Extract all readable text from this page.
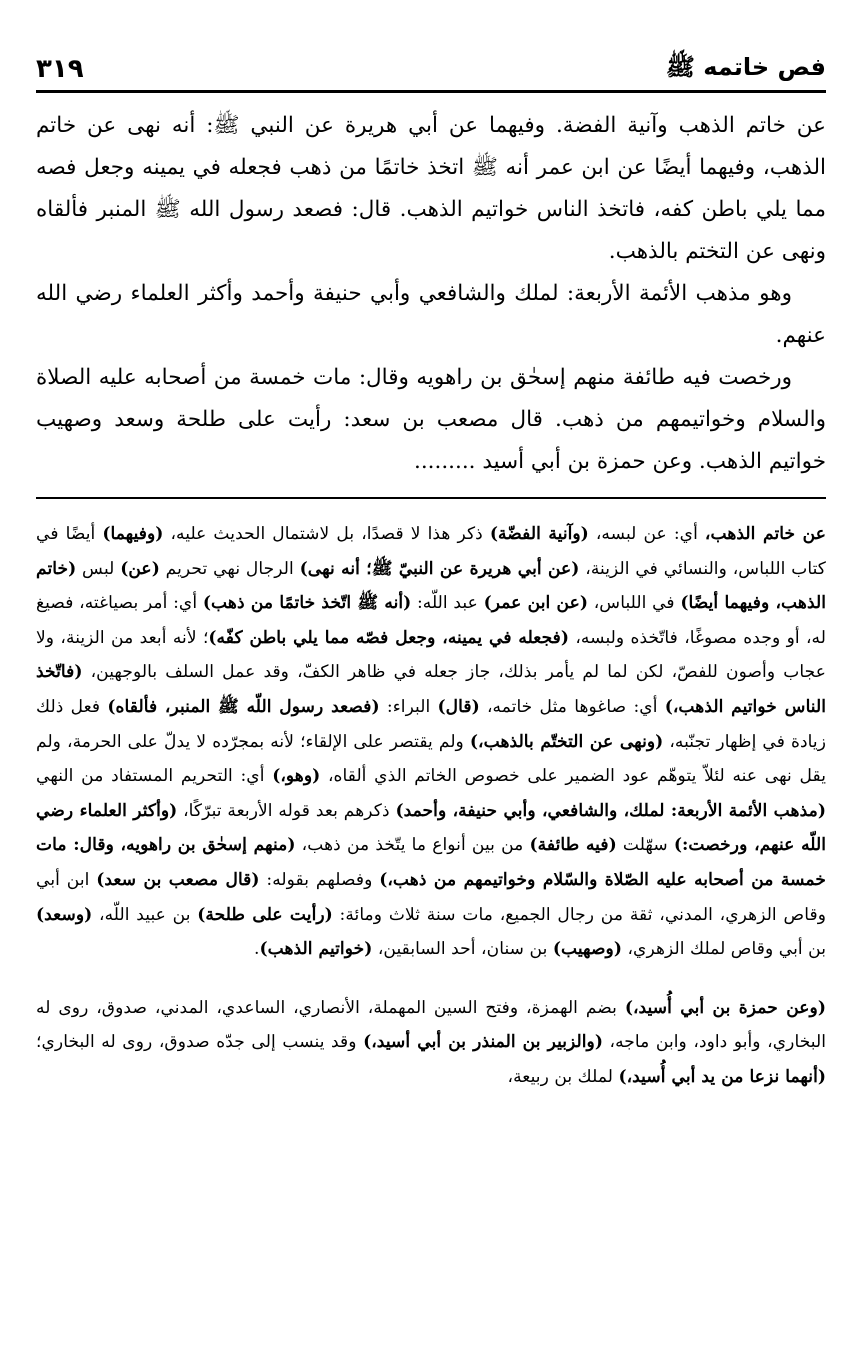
فص خاتمه ﷺ
٣١٩

عن خاتم الذهب وآنية الفضة. وفيهما عن أبي هريرة عن النبي ﷺ: أنه نهى عن خاتم الذهب، وفيهما أيضًا عن ابن عمر أنه ﷺ اتخذ خاتمًا من ذهب فجعله في يمينه وجعل فصه مما يلي باطن كفه، فاتخذ الناس خواتيم الذهب. قال: فصعد رسول الله ﷺ المنبر فألقاه ونهى عن التختم بالذهب.

وهو مذهب الأئمة الأربعة: لملك والشافعي وأبي حنيفة وأحمد وأكثر العلماء رضي الله عنهم.

ورخصت فيه طائفة منهم إسحٰق بن راهويه وقال: مات خمسة من أصحابه عليه الصلاة والسلام وخواتيمهم من ذهب. قال مصعب بن سعد: رأيت على طلحة وسعد وصهيب خواتيم الذهب. وعن حمزة بن أبي أسيد .........

عن خاتم الذهب، أي: عن لبسه، (وآنية الفضّة) ذكر هذا لا قصدًا، بل لاشتمال الحديث عليه، (وفيهما) أيضًا في كتاب اللباس، والنسائي في الزينة، (عن أبي هريرة عن النبيّ ﷺ؛ أنه نهى) الرجال نهي تحريم (عن) لبس (خاتم الذهب، وفيهما أيضًا) في اللباس، (عن ابن عمر) عبد اللّه: (أنه ﷺ اتّخذ خاتمًا من ذهب) أي: أمر بصياغته، فصيغ له، أو وجده مصوغًا، فاتّخذه ولبسه، (فجعله في يمينه، وجعل فصّه مما يلي باطن كفّه)؛ لأنه أبعد من الزينة، ولا عجاب وأصون للفصّ، لكن لما لم يأمر بذلك، جاز جعله في ظاهر الكفّ، وقد عمل السلف بالوجهين، (فاتّخذ الناس خواتيم الذهب،) أي: صاغوها مثل خاتمه، (قال) البراء: (فصعد رسول اللّه ﷺ المنبر، فألقاه) فعل ذلك زيادة في إظهار تجنّبه، (ونهى عن التختّم بالذهب،) ولم يقتصر على الإلقاء؛ لأنه بمجرّده لا يدلّ على الحرمة، ولم يقل نهى عنه لئلاّ يتوهّم عود الضمير على خصوص الخاتم الذي ألقاه، (وهو،) أي: التحريم المستفاد من النهي (مذهب الأئمة الأربعة: لملك، والشافعي، وأبي حنيفة، وأحمد) ذكرهم بعد قوله الأربعة تبرّكًا، (وأكثر العلماء رضي اللّه عنهم، ورخصت:) سهّلت (فيه طائفة) من بين أنواع ما يتّخذ من ذهب، (منهم إسحٰق بن راهويه، وقال: مات خمسة من أصحابه عليه الصّلاة والسّلام وخواتيمهم من ذهب،) وفصلهم بقوله: (قال مصعب بن سعد) ابن أبي وقاص الزهري، المدني، ثقة من رجال الجميع، مات سنة ثلاث ومائة: (رأيت على طلحة) بن عبيد اللّه، (وسعد) بن أبي وقاص لملك الزهري، (وصهيب) بن سنان، أحد السابقين، (خواتيم الذهب).

(وعن حمزة بن أبي أُسيد،) بضم الهمزة، وفتح السين المهملة، الأنصاري، الساعدي، المدني، صدوق، روى له البخاري، وأبو داود، وابن ماجه، (والزبير بن المنذر بن أبي أسيد،) وقد ينسب إلى جدّه صدوق، روى له البخاري؛ (أنهما نزعا من يد أبي أُسيد،) لملك بن ربيعة،
